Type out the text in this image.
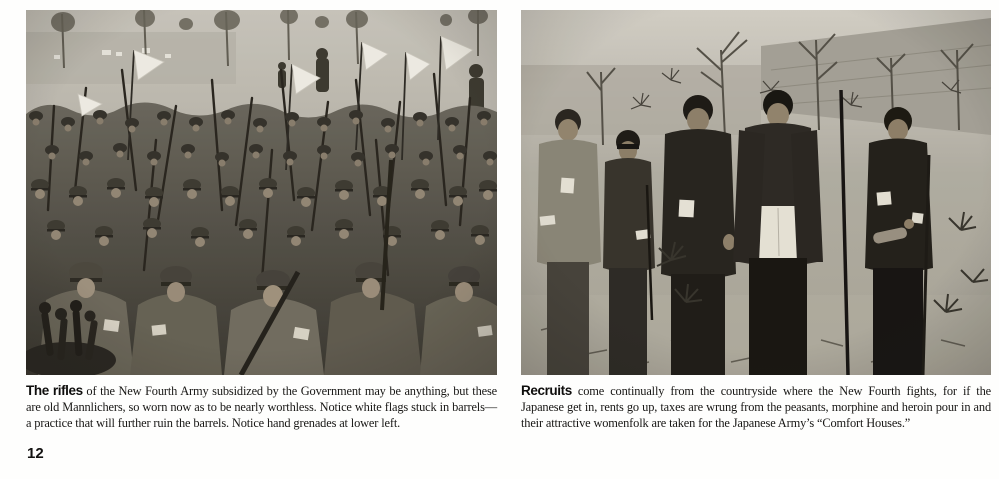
The rifles of the New Fourth Army subsidized by the Government may be anything, but these are old Mannlichers, so worn now as to be nearly worthless. Notice white flags stuck in barrels—a practice that will further ruin the barrels. Notice hand grenades at lower left.
Recruits come continually from the countryside where the New Fourth fights, for if the Japanese get in, rents go up, taxes are wrung from the peasants, morphine and heroin pour in and their attractive womenfolk are taken for the Japanese Army’s “Comfort Houses.”
12
